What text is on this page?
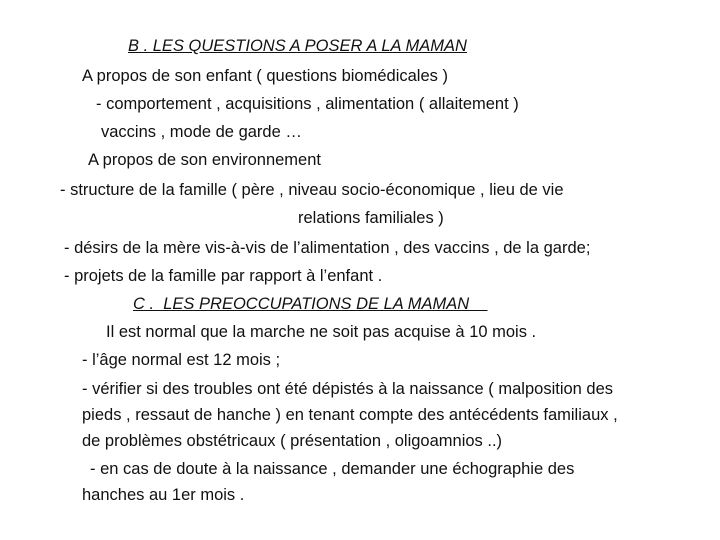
B . LES QUESTIONS A POSER A LA MAMAN
A propos de son enfant ( questions biomédicales )
- comportement , acquisitions , alimentation ( allaitement )
vaccins , mode de garde …
A propos de son environnement
- structure de la famille ( père , niveau socio-économique , lieu de vie
relations familiales )
- désirs de la mère vis-à-vis de l’alimentation , des vaccins , de la garde;
- projets de la famille par rapport à l’enfant .
C .  LES PREOCCUPATIONS DE LA MAMAN
Il est normal que la marche ne soit pas acquise à 10 mois .
- l’âge normal est 12 mois ;
- vérifier si des troubles ont été dépistés à la naissance ( malposition des
pieds , ressaut de hanche ) en tenant compte des antécédents familiaux ,
de problèmes obstétricaux ( présentation , oligoamnios ..)
- en cas de doute à la naissance , demander une échographie des
hanches au 1er mois .
